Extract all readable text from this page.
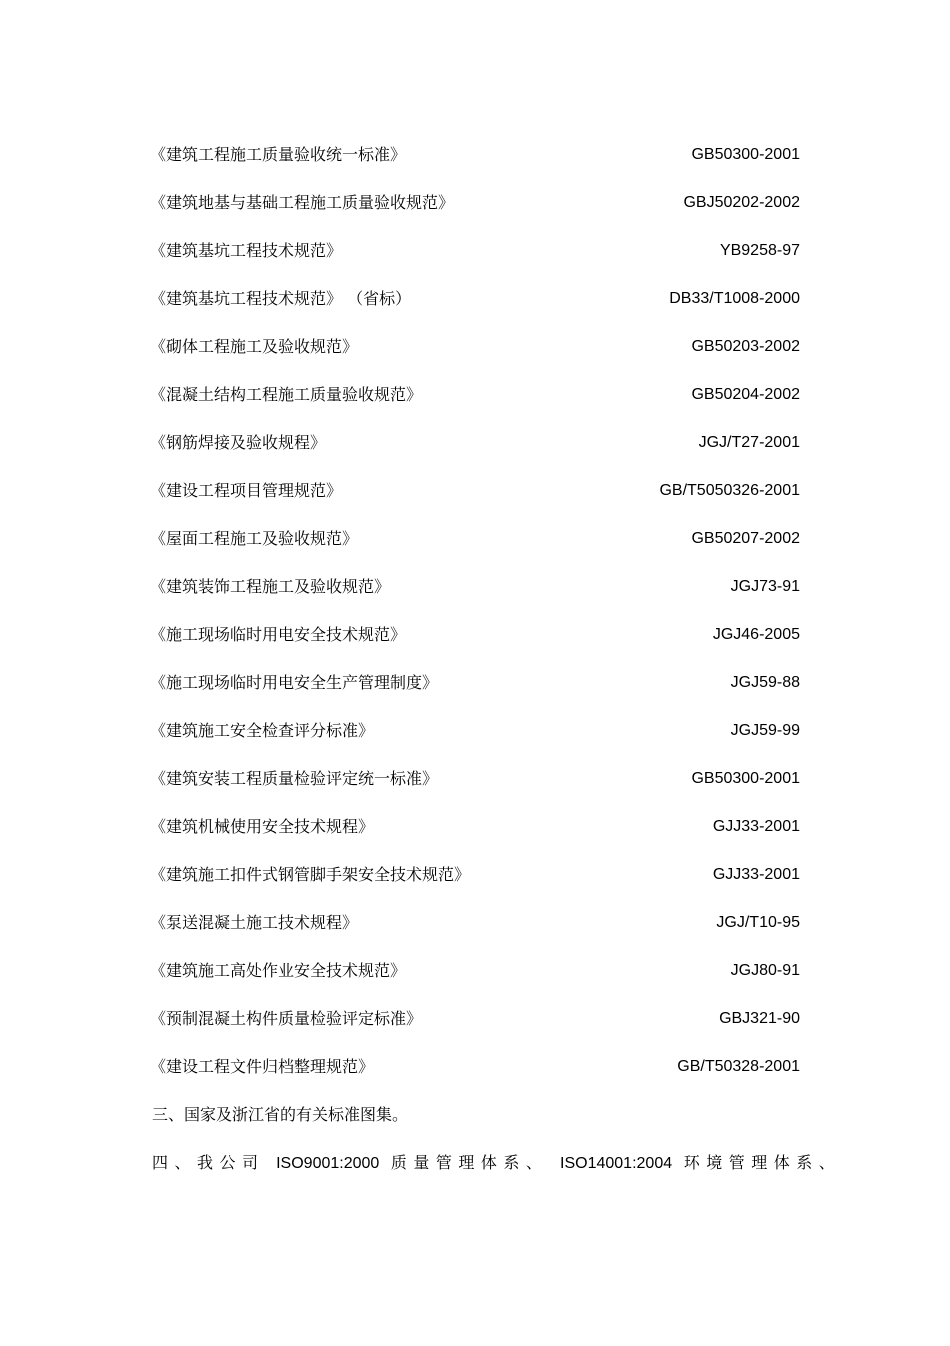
《建筑工程施工质量验收统一标准》	GB50300-2001
《建筑地基与基础工程施工质量验收规范》	GBJ50202-2002
《建筑基坑工程技术规范》	YB9258-97
《建筑基坑工程技术规范》 （省标）	DB33/T1008-2000
《砌体工程施工及验收规范》	GB50203-2002
《混凝土结构工程施工质量验收规范》	GB50204-2002
《钢筋焊接及验收规程》	JGJ/T27-2001
《建设工程项目管理规范》	GB/T5050326-2001
《屋面工程施工及验收规范》	GB50207-2002
《建筑装饰工程施工及验收规范》	JGJ73-91
《施工现场临时用电安全技术规范》	JGJ46-2005
《施工现场临时用电安全生产管理制度》	JGJ59-88
《建筑施工安全检查评分标准》	JGJ59-99
《建筑安装工程质量检验评定统一标准》	GB50300-2001
《建筑机械使用安全技术规程》	GJJ33-2001
《建筑施工扣件式钢管脚手架安全技术规范》	GJJ33-2001
《泵送混凝土施工技术规程》	JGJ/T10-95
《建筑施工高处作业安全技术规范》	JGJ80-91
《预制混凝土构件质量检验评定标准》	GBJ321-90
《建设工程文件归档整理规范》	GB/T50328-2001

三、国家及浙江省的有关标准图集。

四、我公司 ISO9001:2000 质量管理体系、 ISO14001:2004 环境管理体系、
